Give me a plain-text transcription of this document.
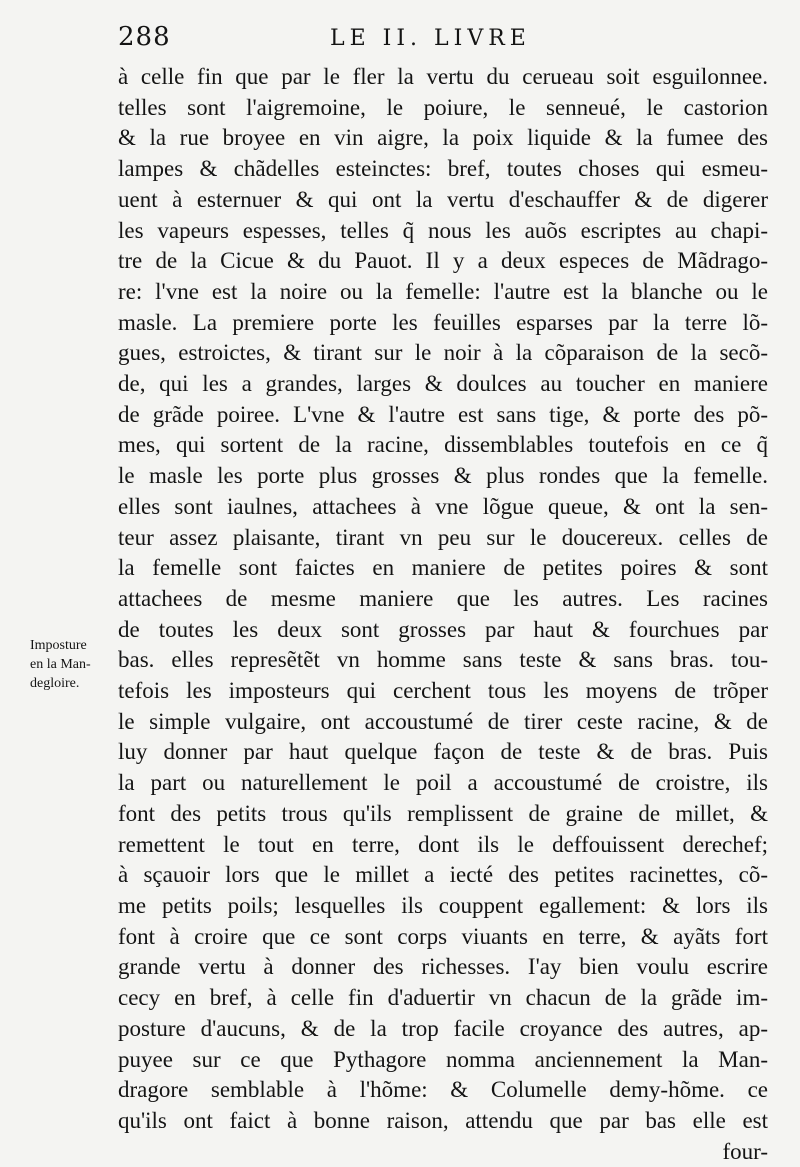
288	LE II. LIVRE
Imposture
en la Man-
degloire.
à celle fin que par le fler la vertu du cerueau soit esguilonnee.
telles sont l'aigremoine, le poiure, le senneué, le castorion
& la rue broyee en vin aigre, la poix liquide & la fumee des
lampes & chãdelles esteinctes: bref, toutes choses qui esmeu-
uent à esternuer & qui ont la vertu d'eschauffer & de digerer
les vapeurs espesses, telles q̃ nous les auõs escriptes au chapi-
tre de la Cicue & du Pauot. Il y a deux especes de Mãdrago-
re: l'vne est la noire ou la femelle: l'autre est la blanche ou le
masle. La premiere porte les feuilles esparses par la terre lõ-
gues, estroictes, & tirant sur le noir à la cõparaison de la secõ-
de, qui les a grandes, larges & doulces au toucher en maniere
de grãde poiree. L'vne & l'autre est sans tige, & porte des põ-
mes, qui sortent de la racine, dissemblables toutefois en ce q̃
le masle les porte plus grosses & plus rondes que la femelle.
elles sont iaulnes, attachees à vne lõgue queue, & ont la sen-
teur assez plaisante, tirant vn peu sur le doucereux. celles de
la femelle sont faictes en maniere de petites poires & sont
attachees de mesme maniere que les autres. Les racines
de toutes les deux sont grosses par haut & fourchues par
bas. elles represẽtẽt vn homme sans teste & sans bras. tou-
tefois les imposteurs qui cerchent tous les moyens de trõper
le simple vulgaire, ont accoustumé de tirer ceste racine, & de
luy donner par haut quelque façon de teste & de bras. Puis
la part ou naturellement le poil a accoustumé de croistre, ils
font des petits trous qu'ils remplissent de graine de millet, &
remettent le tout en terre, dont ils le deffouissent derechef;
à sçauoir lors que le millet a iecté des petites racinettes, cõ-
me petits poils; lesquelles ils couppent egallement: & lors ils
font à croire que ce sont corps viuants en terre, & ayãts fort
grande vertu à donner des richesses. I'ay bien voulu escrire
cecy en bref, à celle fin d'aduertir vn chacun de la grãde im-
posture d'aucuns, & de la trop facile croyance des autres, ap-
puyee sur ce que Pythagore nomma anciennement la Man-
dragore semblable à l'hõme: & Columelle demy-hõme. ce
qu'ils ont faict à bonne raison, attendu que par bas elle est
four-
